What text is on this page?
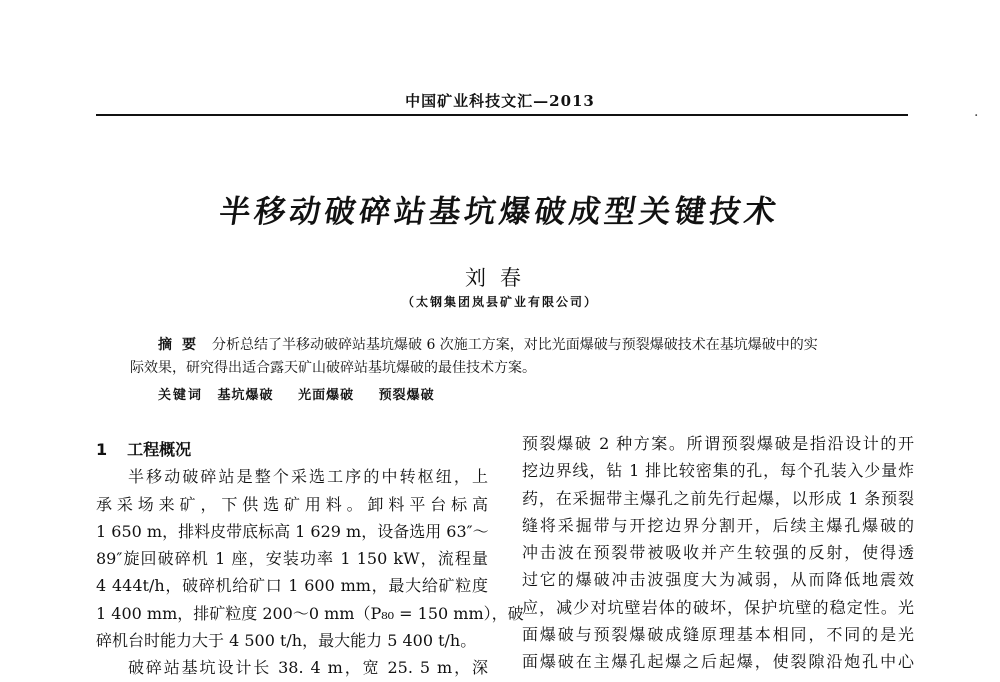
中国矿业科技文汇—2013
·
半移动破碎站基坑爆破成型关键技术
刘春
（太钢集团岚县矿业有限公司）
摘要 分析总结了半移动破碎站基坑爆破 6 次施工方案，对比光面爆破与预裂爆破技术在基坑爆破中的实
际效果，研究得出适合露天矿山破碎站基坑爆破的最佳技术方案。
关键词 基坑爆破 光面爆破 预裂爆破

1 工程概况

半移动破碎站是整个采选工序的中转枢纽，上
承采场来矿，下供选矿用料。卸料平台标高
1 650 m，排料皮带底标高 1 629 m，设备选用 63″～
89″旋回破碎机 1 座，安装功率 1 150 kW，流程量
4 444t/h，破碎机给矿口 1 600 mm，最大给矿粒度
1 400 mm，排矿粒度 200～0 mm（P₈₀ = 150 mm），破
碎机台时能力大于 4 500 t/h，最大能力 5 400 t/h。

破碎站基坑设计长 38. 4 m，宽 25. 5 m，深

预裂爆破 2 种方案。所谓预裂爆破是指沿设计的开
挖边界线，钻 1 排比较密集的孔，每个孔装入少量炸
药，在采掘带主爆孔之前先行起爆，以形成 1 条预裂
缝将采掘带与开挖边界分割开，后续主爆孔爆破的
冲击波在预裂带被吸收并产生较强的反射，使得透
过它的爆破冲击波强度大为减弱，从而降低地震效
应，减少对坑壁岩体的破坏，保护坑壁的稳定性。光
面爆破与预裂爆破成缝原理基本相同，不同的是光
面爆破在主爆孔起爆之后起爆，使裂隙沿炮孔中心
